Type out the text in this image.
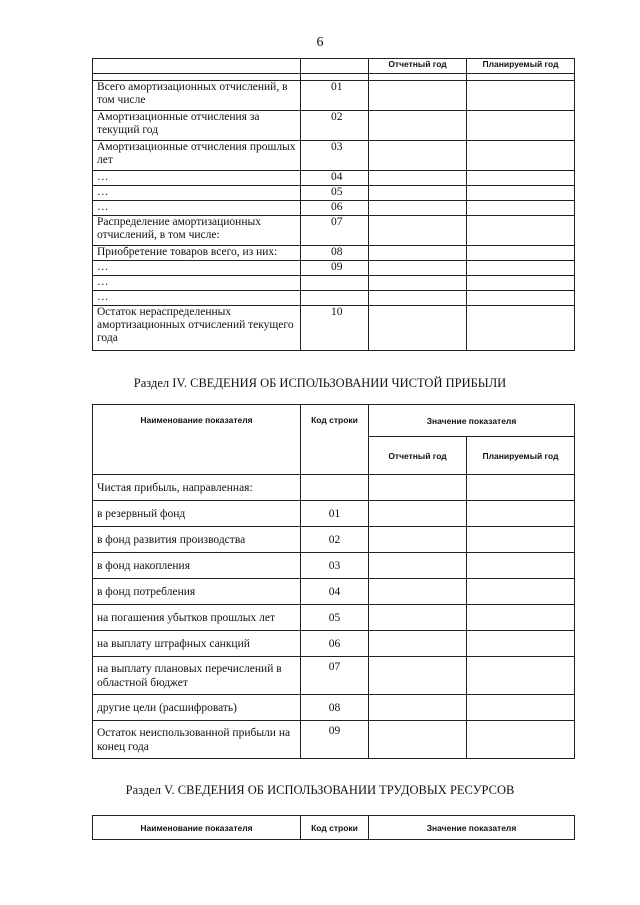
6
		Отчетный год	Планируемый год

Всего амортизационных отчислений, в том числе	01		
Амортизационные отчисления за текущий год	02		
Амортизационные отчисления прошлых лет	03		
…	04		
…	05		
…	06		
Распределение амортизационных отчислений, в том числе:	07		
Приобретение товаров всего, из них:	08		
…	09		
…			
…			
Остаток нераспределенных амортизационных отчислений текущего года	10		
Раздел IV. СВЕДЕНИЯ ОБ ИСПОЛЬЗОВАНИИ ЧИСТОЙ ПРИБЫЛИ
Наименование показателя	Код строки	Значение показателя	
		Отчетный год	Планируемый год
Чистая прибыль, направленная:			
в резервный фонд	01		
в фонд развития производства	02		
в фонд накопления	03		
в фонд потребления	04		
на погашения убытков прошлых лет	05		
на выплату штрафных санкций	06		
на выплату плановых перечислений в областной бюджет	07		
другие цели (расшифровать)	08		
Остаток неиспользованной прибыли на конец года	09		
Раздел V. СВЕДЕНИЯ ОБ ИСПОЛЬЗОВАНИИ ТРУДОВЫХ РЕСУРСОВ
Наименование показателя	Код строки	Значение показателя
